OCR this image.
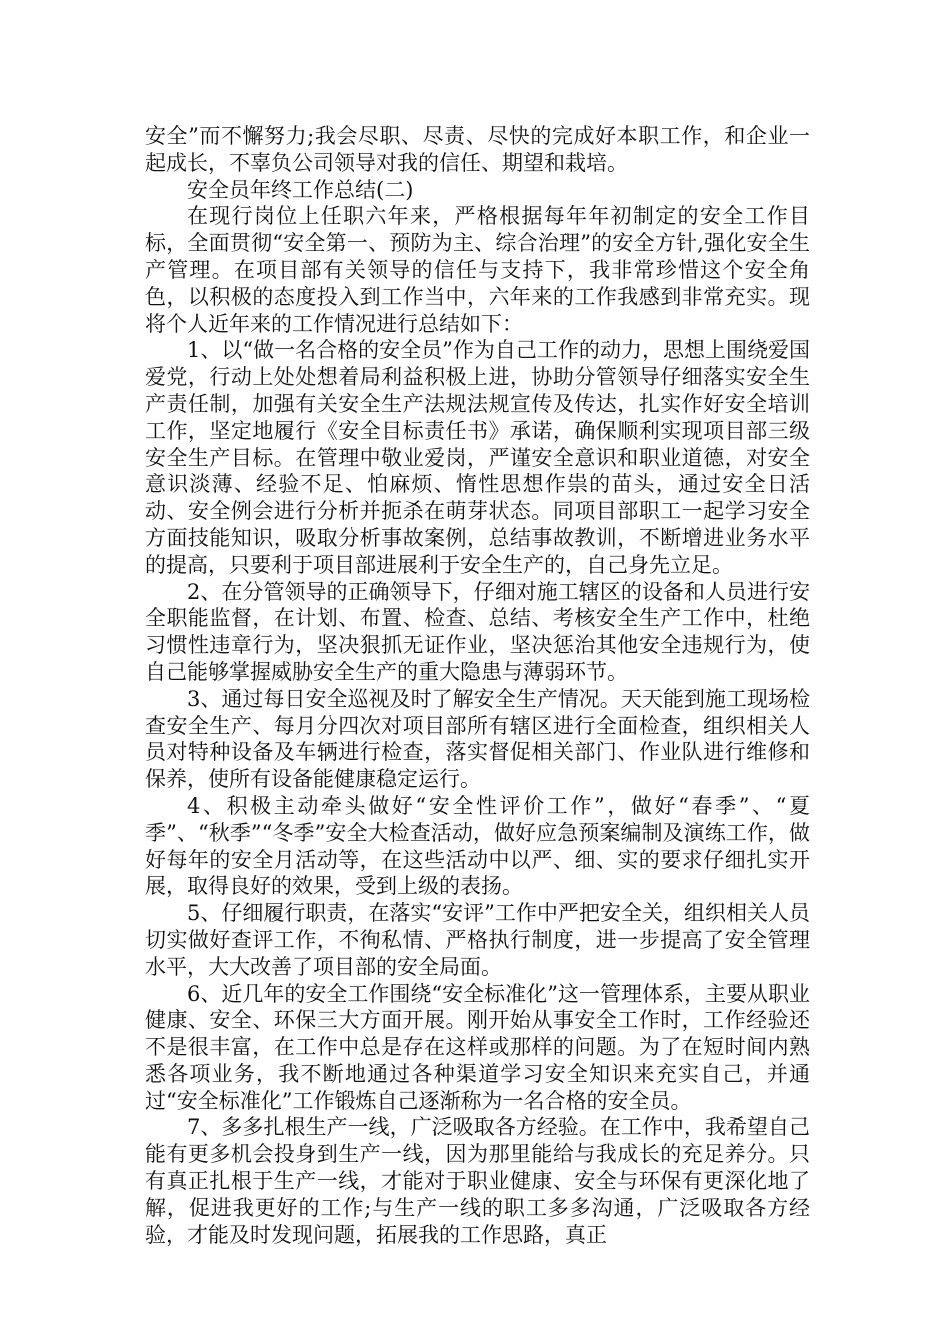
安全”而不懈努力;我会尽职、尽责、尽快的完成好本职工作，和企业一起成长，不辜负公司领导对我的信任、期望和栽培。

安全员年终工作总结(二)

在现行岗位上任职六年来，严格根据每年年初制定的安全工作目标，全面贯彻“安全第一、预防为主、综合治理”的安全方针,强化安全生产管理。在项目部有关领导的信任与支持下，我非常珍惜这个安全角色，以积极的态度投入到工作当中，六年来的工作我感到非常充实。现将个人近年来的工作情况进行总结如下：

1、以“做一名合格的安全员”作为自己工作的动力，思想上围绕爱国爱党，行动上处处想着局利益积极上进，协助分管领导仔细落实安全生产责任制，加强有关安全生产法规法规宣传及传达，扎实作好安全培训工作，坚定地履行《安全目标责任书》承诺，确保顺利实现项目部三级安全生产目标。在管理中敬业爱岗，严谨安全意识和职业道德，对安全意识淡薄、经验不足、怕麻烦、惰性思想作祟的苗头，通过安全日活动、安全例会进行分析并扼杀在萌芽状态。同项目部职工一起学习安全方面技能知识，吸取分析事故案例，总结事故教训，不断增进业务水平的提高，只要利于项目部进展利于安全生产的，自己身先立足。

2、在分管领导的正确领导下，仔细对施工辖区的设备和人员进行安全职能监督，在计划、布置、检查、总结、考核安全生产工作中，杜绝习惯性违章行为，坚决狠抓无证作业，坚决惩治其他安全违规行为，使自己能够掌握威胁安全生产的重大隐患与薄弱环节。

3、通过每日安全巡视及时了解安全生产情况。天天能到施工现场检查安全生产、每月分四次对项目部所有辖区进行全面检查，组织相关人员对特种设备及车辆进行检查，落实督促相关部门、作业队进行维修和保养，使所有设备能健康稳定运行。

4、积极主动牵头做好“安全性评价工作”，做好“春季”、“夏季”、“秋季”“冬季”安全大检查活动，做好应急预案编制及演练工作，做好每年的安全月活动等，在这些活动中以严、细、实的要求仔细扎实开展，取得良好的效果，受到上级的表扬。

5、仔细履行职责，在落实“安评”工作中严把安全关，组织相关人员切实做好查评工作，不徇私情、严格执行制度，进一步提高了安全管理水平，大大改善了项目部的安全局面。

6、近几年的安全工作围绕“安全标准化”这一管理体系，主要从职业健康、安全、环保三大方面开展。刚开始从事安全工作时，工作经验还不是很丰富，在工作中总是存在这样或那样的问题。为了在短时间内熟悉各项业务，我不断地通过各种渠道学习安全知识来充实自己，并通过“安全标准化”工作锻炼自己逐渐称为一名合格的安全员。

7、多多扎根生产一线，广泛吸取各方经验。在工作中，我希望自己能有更多机会投身到生产一线，因为那里能给与我成长的充足养分。只有真正扎根于生产一线，才能对于职业健康、安全与环保有更深化地了解，促进我更好的工作;与生产一线的职工多多沟通，广泛吸取各方经验，才能及时发现问题，拓展我的工作思路，真正
